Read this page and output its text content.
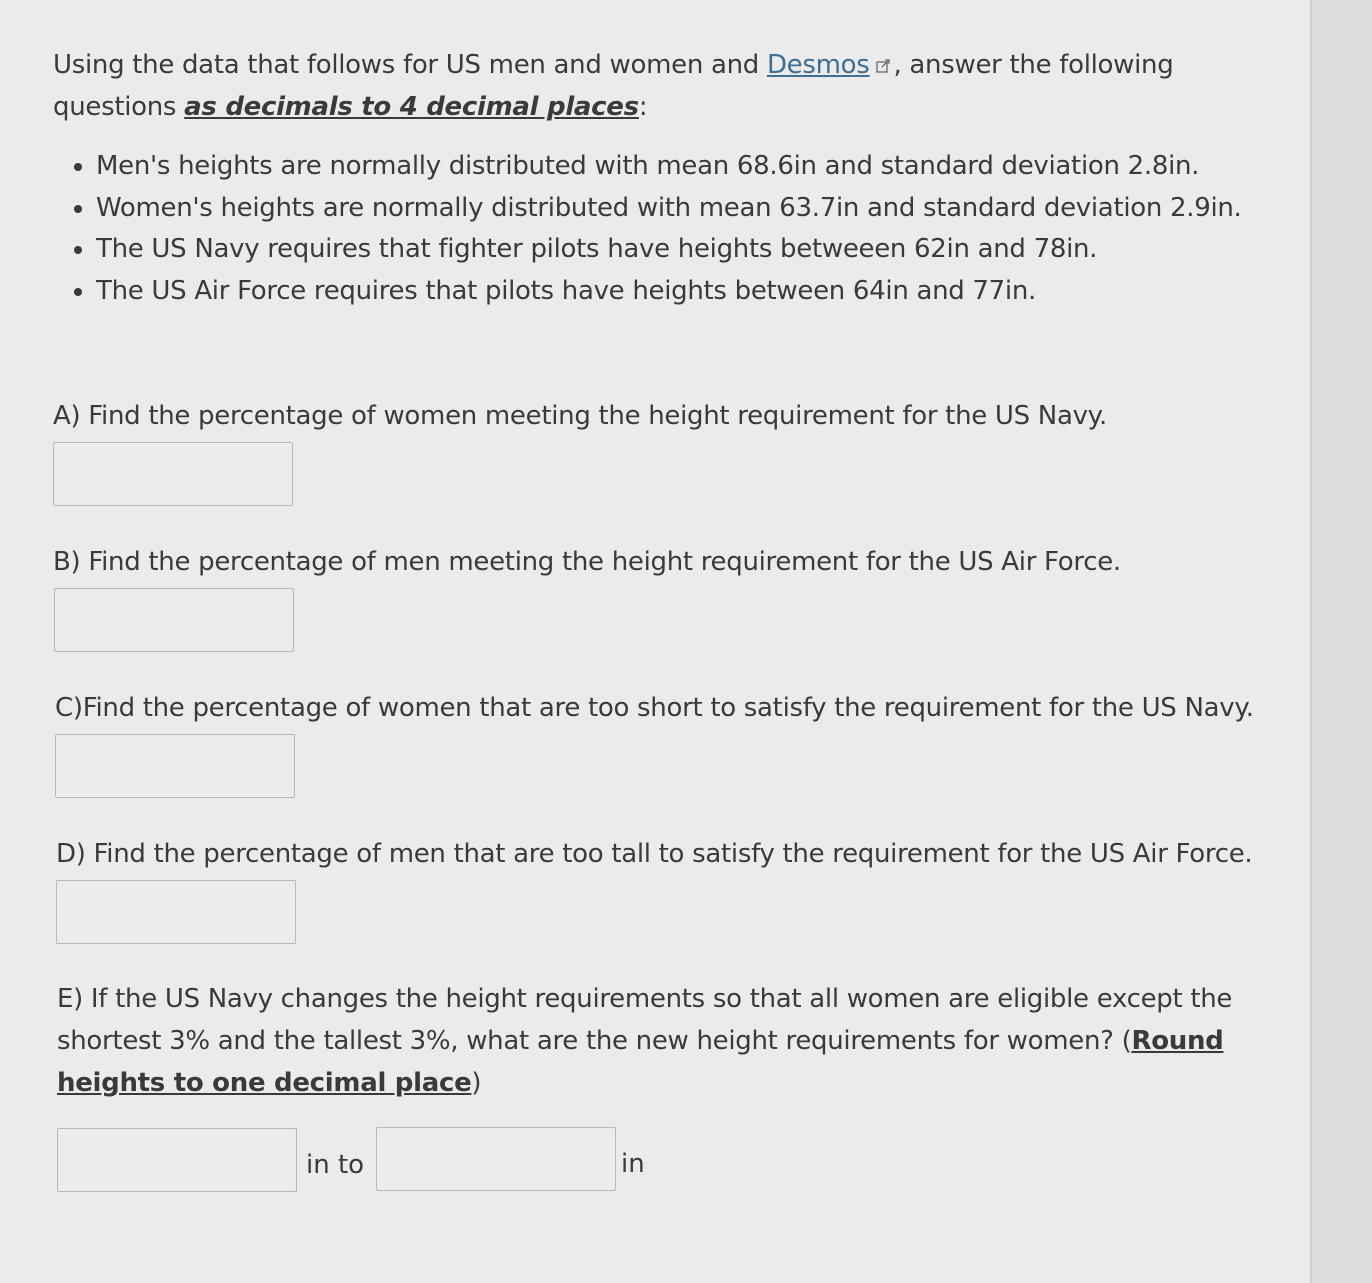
Using the data that follows for US men and women and Desmos , answer the following questions as decimals to 4 decimal places:
• Men's heights are normally distributed with mean 68.6in and standard deviation 2.8in.
• Women's heights are normally distributed with mean 63.7in and standard deviation 2.9in.
• The US Navy requires that fighter pilots have heights betweeen 62in and 78in.
• The US Air Force requires that pilots have heights between 64in and 77in.
A) Find the percentage of women meeting the height requirement for the US Navy.
B) Find the percentage of men meeting the height requirement for the US Air Force.
C)Find the percentage of women that are too short to satisfy the requirement for the US Navy.
D) Find the percentage of men that are too tall to satisfy the requirement for the US Air Force.
E) If the US Navy changes the height requirements so that all women are eligible except the shortest 3% and the tallest 3%, what are the new height requirements for women? (Round heights to one decimal place)
in to	in
